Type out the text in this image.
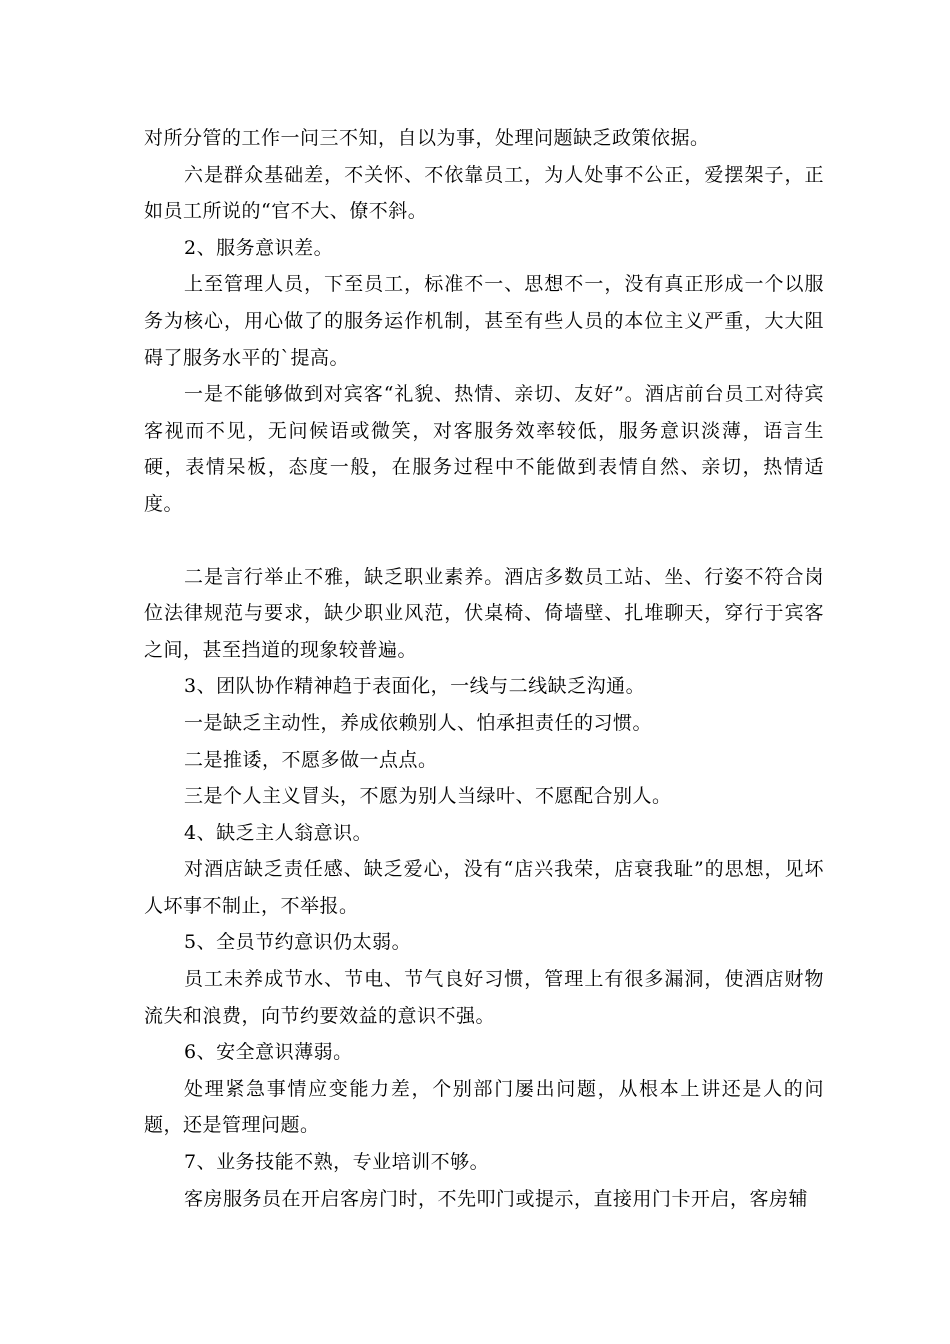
对所分管的工作一问三不知，自以为事，处理问题缺乏政策依据。

六是群众基础差，不关怀、不依靠员工，为人处事不公正，爱摆架子，正如员工所说的“官不大、僚不斜。

2、服务意识差。

上至管理人员，下至员工，标准不一、思想不一，没有真正形成一个以服务为核心，用心做了的服务运作机制，甚至有些人员的本位主义严重，大大阻碍了服务水平的`提高。

一是不能够做到对宾客“礼貌、热情、亲切、友好”。酒店前台员工对待宾客视而不见，无问候语或微笑，对客服务效率较低，服务意识淡薄，语言生硬，表情呆板，态度一般，在服务过程中不能做到表情自然、亲切，热情适度。

二是言行举止不雅，缺乏职业素养。酒店多数员工站、坐、行姿不符合岗位法律规范与要求，缺少职业风范，伏桌椅、倚墙壁、扎堆聊天，穿行于宾客之间，甚至挡道的现象较普遍。

3、团队协作精神趋于表面化，一线与二线缺乏沟通。

一是缺乏主动性，养成依赖别人、怕承担责任的习惯。

二是推诿，不愿多做一点点。

三是个人主义冒头，不愿为别人当绿叶、不愿配合别人。

4、缺乏主人翁意识。

对酒店缺乏责任感、缺乏爱心，没有“店兴我荣，店衰我耻”的思想，见坏人坏事不制止，不举报。

5、全员节约意识仍太弱。

员工未养成节水、节电、节气良好习惯，管理上有很多漏洞，使酒店财物流失和浪费，向节约要效益的意识不强。

6、安全意识薄弱。

处理紧急事情应变能力差，个别部门屡出问题，从根本上讲还是人的问题，还是管理问题。

7、业务技能不熟，专业培训不够。

客房服务员在开启客房门时，不先叩门或提示，直接用门卡开启，客房辅
